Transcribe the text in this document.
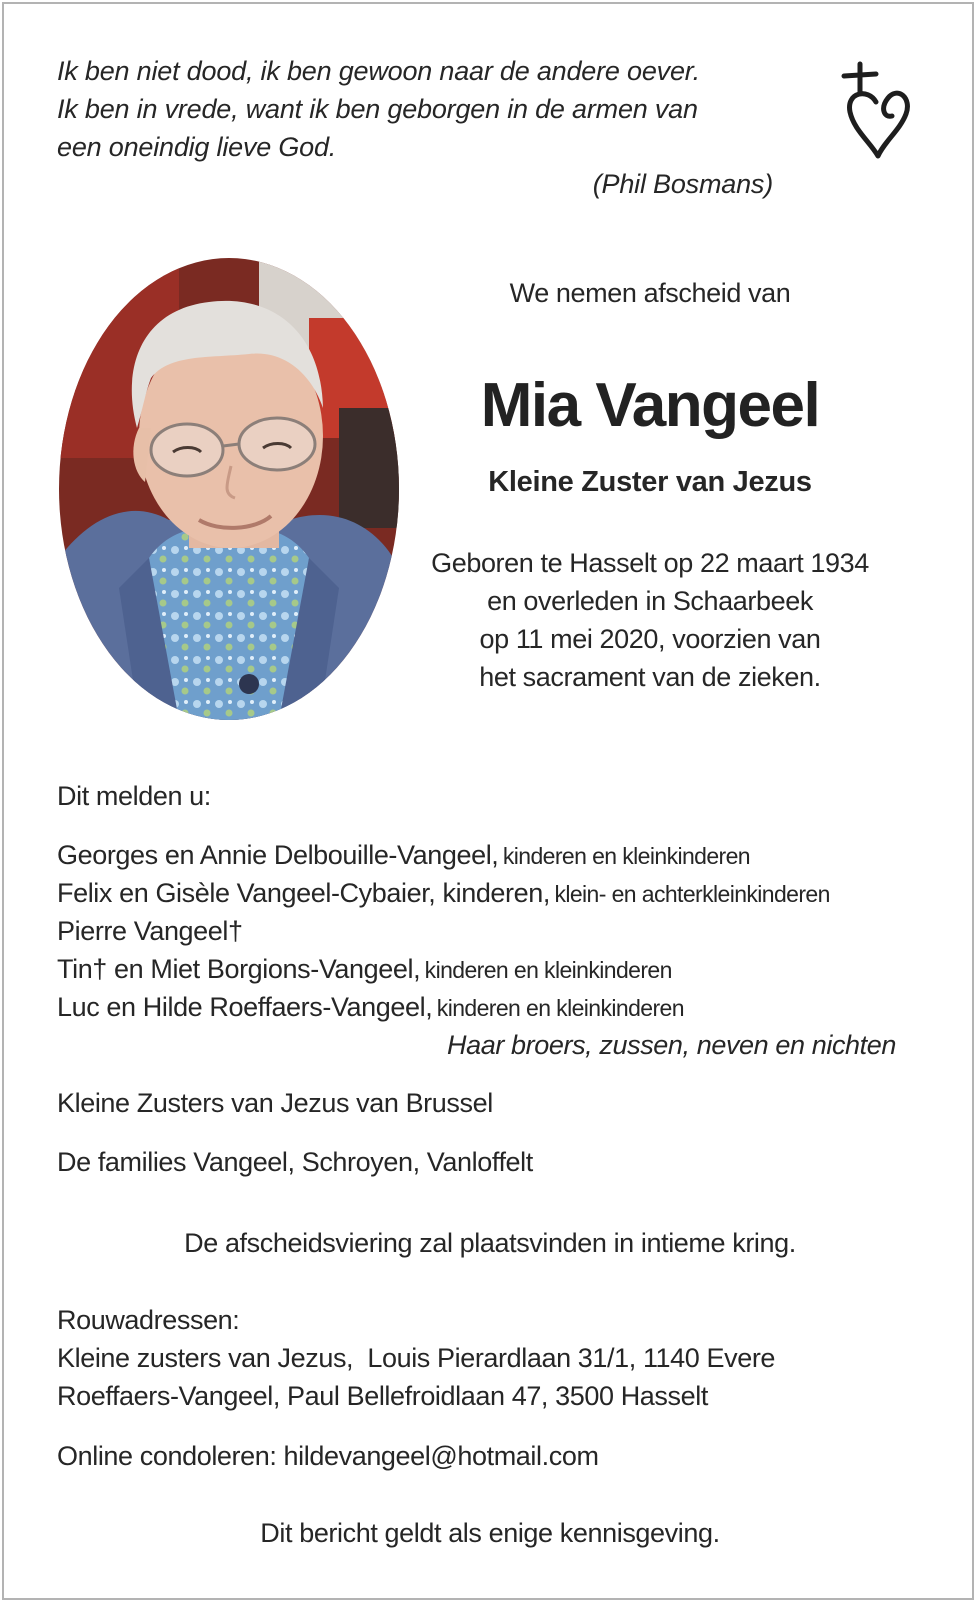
Ik ben niet dood, ik ben gewoon naar de andere oever.
Ik ben in vrede, want ik ben geborgen in de armen van
een oneindig lieve God.
(Phil Bosmans)
We nemen afscheid van
Mia Vangeel
Kleine Zuster van Jezus
Geboren te Hasselt op 22 maart 1934
en overleden in Schaarbeek
op 11 mei 2020, voorzien van
het sacrament van de zieken.
Dit melden u:
Georges en Annie Delbouille-Vangeel, kinderen en kleinkinderen
Felix en Gisèle Vangeel-Cybaier, kinderen, klein- en achterkleinkinderen
Pierre Vangeel†
Tin† en Miet Borgions-Vangeel, kinderen en kleinkinderen
Luc en Hilde Roeffaers-Vangeel, kinderen en kleinkinderen
Haar broers, zussen, neven en nichten
Kleine Zusters van Jezus van Brussel
De families Vangeel, Schroyen, Vanloffelt
De afscheidsviering zal plaatsvinden in intieme kring.
Rouwadressen:
Kleine zusters van Jezus,  Louis Pierardlaan 31/1, 1140 Evere
Roeffaers-Vangeel, Paul Bellefroidlaan 47, 3500 Hasselt
Online condoleren: hildevangeel@hotmail.com
Dit bericht geldt als enige kennisgeving.
